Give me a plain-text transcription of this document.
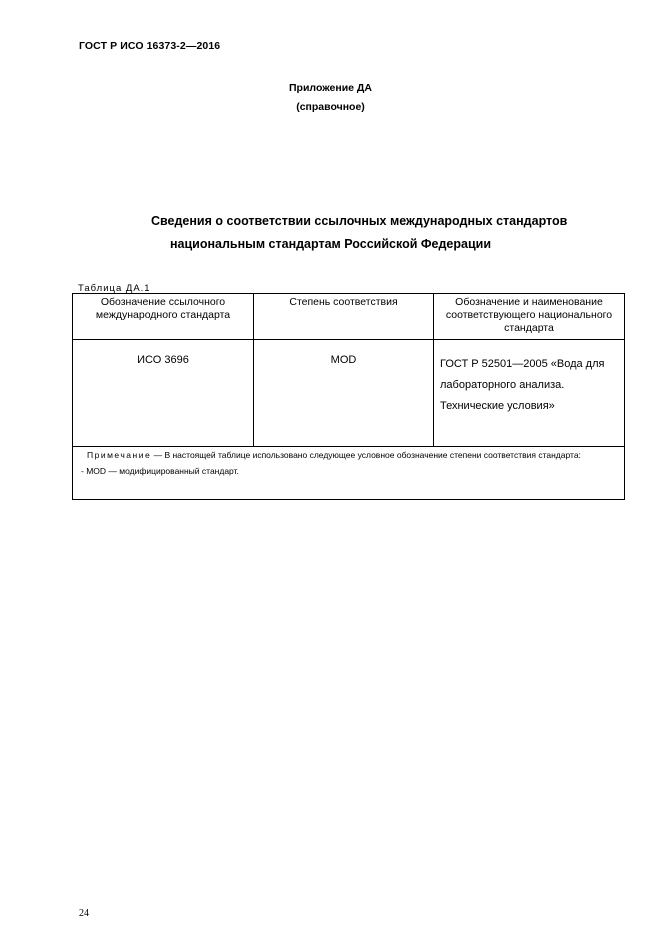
ГОСТ Р ИСО 16373-2—2016
Приложение ДА
(справочное)
Сведения о соответствии ссылочных международных стандартов
национальным стандартам Российской Федерации
Таблица ДА.1
Обозначение ссылочного международного стандарта	Степень соответствия	Обозначение и наименование соответствующего национального стандарта
ИСО 3696	MOD	ГОСТ Р 52501—2005 «Вода для лабораторного анализа. Технические условия»

Примечание — В настоящей таблице использовано следующее условное обозначение степени соответствия стандарта:
- MOD — модифицированный стандарт.		
24
